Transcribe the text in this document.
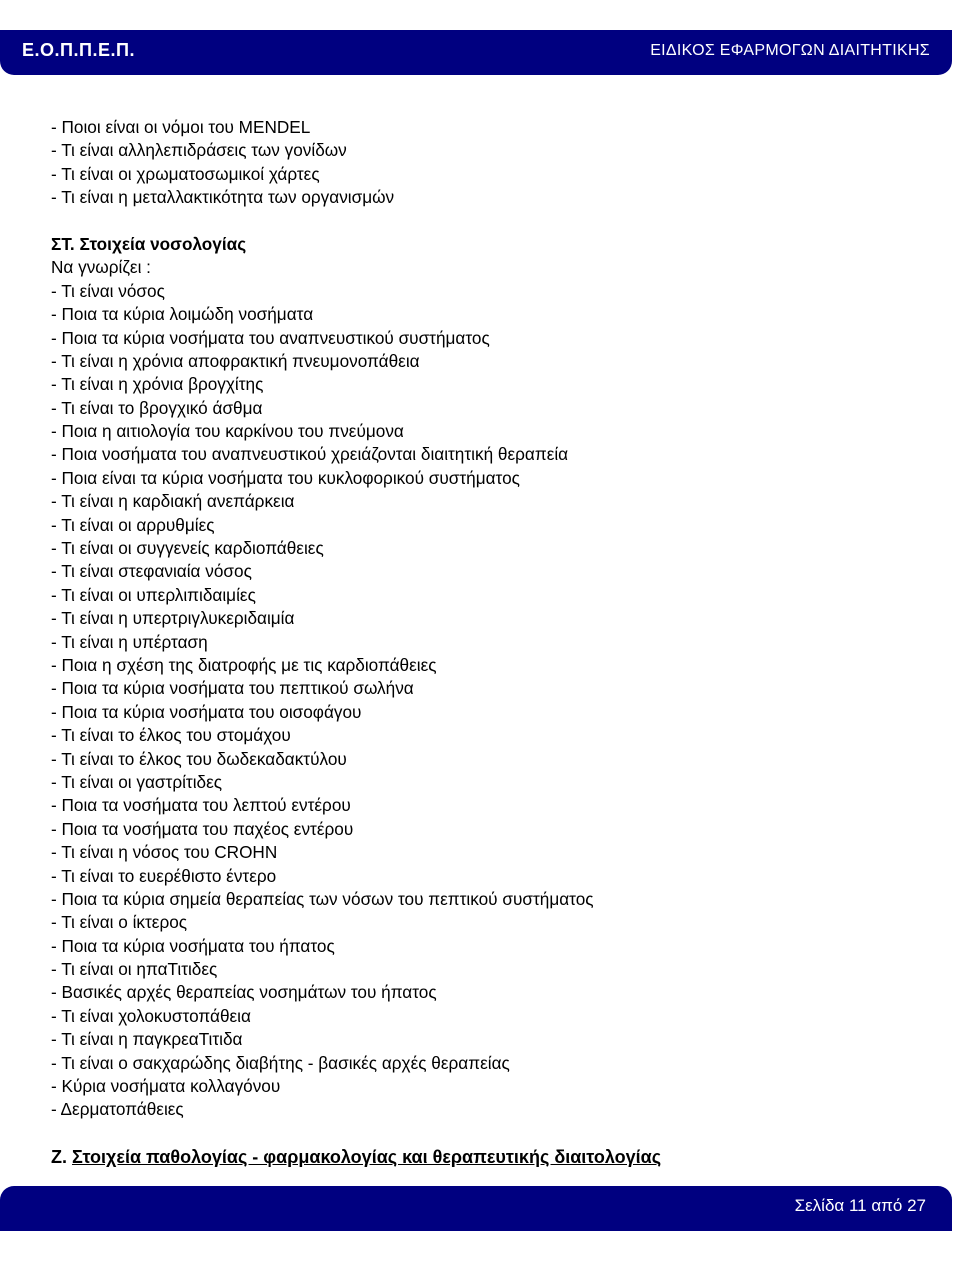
Ε.Ο.Π.Π.Ε.Π.	ΕΙΔΙΚΟΣ ΕΦΑΡΜΟΓΩΝ ΔΙΑΙΤΗΤΙΚΗΣ
- Ποιοι είναι οι νόμοι του MENDEL
- Τι είναι αλληλεπιδράσεις των γονίδων
- Τι είναι οι χρωματοσωμικοί χάρτες
- Τι είναι η μεταλλακτικότητα των οργανισμών
ΣΤ. Στοιχεία νοσολογίας
Να γνωρίζει :
- Τι είναι νόσος
- Ποια τα κύρια λοιμώδη νοσήματα
- Ποια τα κύρια νοσήματα του αναπνευστικού συστήματος
- Τι είναι η χρόνια αποφρακτική πνευμονοπάθεια
- Τι είναι η χρόνια βρογχίτης
- Τι είναι το βρογχικό άσθμα
- Ποια η αιτιολογία του καρκίνου του πνεύμονα
- Ποια νοσήματα του αναπνευστικού χρειάζονται διαιτητική θεραπεία
- Ποια είναι τα κύρια νοσήματα του κυκλοφορικού συστήματος
- Τι είναι η καρδιακή ανεπάρκεια
- Τι είναι οι αρρυθμίες
- Τι είναι οι συγγενείς καρδιοπάθειες
- Τι είναι στεφανιαία νόσος
- Τι είναι οι υπερλιπιδαιμίες
- Τι είναι η υπερτριγλυκεριδαιμία
- Τι είναι η υπέρταση
- Ποια η σχέση της διατροφής με τις καρδιοπάθειες
- Ποια τα κύρια νοσήματα του πεπτικού σωλήνα
- Ποια τα κύρια νοσήματα του οισοφάγου
- Τι είναι το έλκος του στομάχου
- Τι είναι το έλκος του δωδεκαδακτύλου
- Τι είναι οι γαστρίτιδες
- Ποια τα νοσήματα του λεπτού εντέρου
- Ποια τα νοσήματα του παχέος εντέρου
- Τι είναι η νόσος του CROHN
- Τι είναι το ευερέθιστο έντερο
- Ποια τα κύρια σημεία θεραπείας των νόσων του πεπτικού συστήματος
- Τι είναι ο ίκτερος
- Ποια τα κύρια νοσήματα του ήπατος
- Τι είναι οι ηπαΤιτιδες
- Βασικές αρχές θεραπείας νοσημάτων του ήπατος
- Τι είναι χολοκυστοπάθεια
- Τι είναι η παγκρεαΤιτιδα
- Τι είναι ο σακχαρώδης διαβήτης - βασικές αρχές θεραπείας
- Κύρια νοσήματα κολλαγόνου
- Δερματοπάθειες
Ζ. Στοιχεία παθολογίας - φαρμακολογίας και θεραπευτικής διαιτολογίας
Σελίδα 11 από 27
